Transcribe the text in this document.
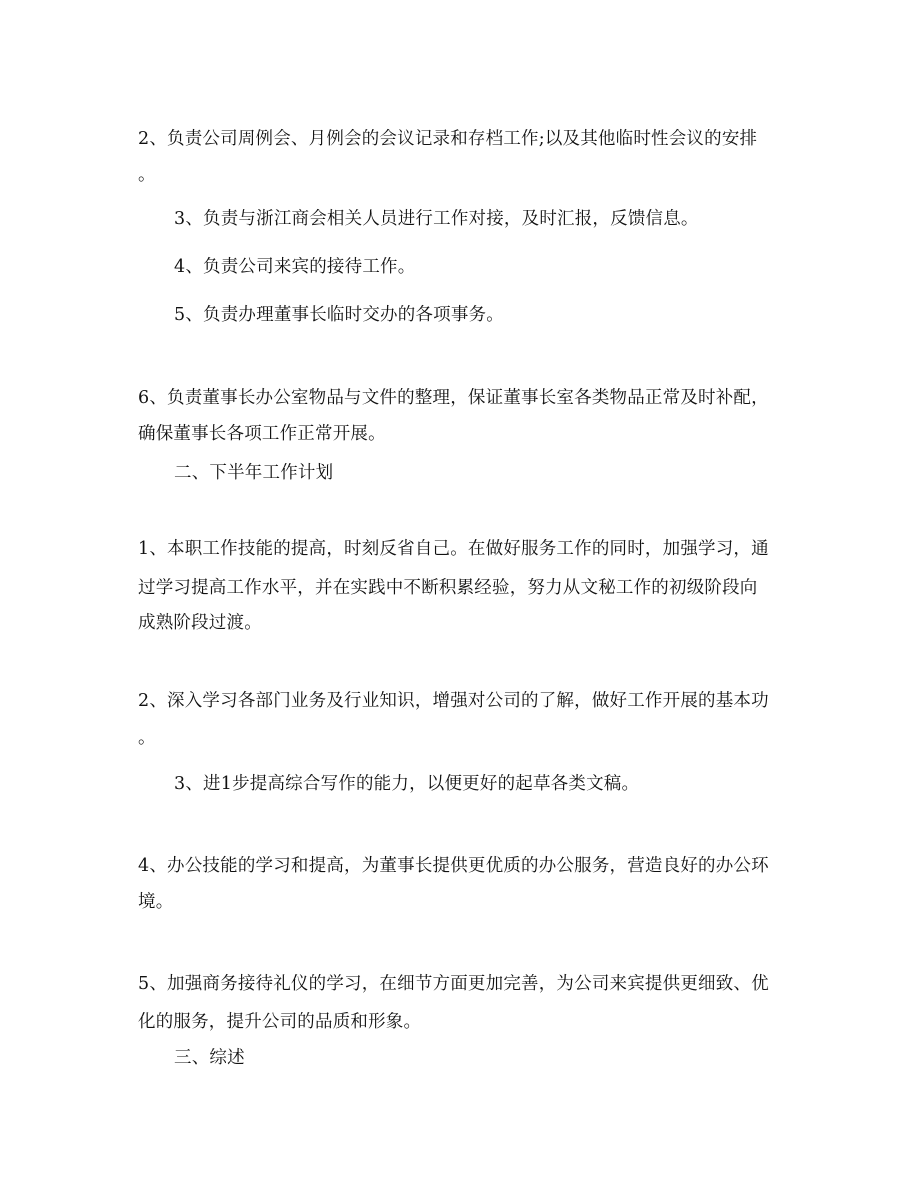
2、负责公司周例会、月例会的会议记录和存档工作;以及其他临时性会议的安排
。
3、负责与浙江商会相关人员进行工作对接，及时汇报，反馈信息。
4、负责公司来宾的接待工作。
5、负责办理董事长临时交办的各项事务。
6、负责董事长办公室物品与文件的整理，保证董事长室各类物品正常及时补配，
确保董事长各项工作正常开展。
二、下半年工作计划
1、本职工作技能的提高，时刻反省自己。在做好服务工作的同时，加强学习，通
过学习提高工作水平，并在实践中不断积累经验，努力从文秘工作的初级阶段向
成熟阶段过渡。
2、深入学习各部门业务及行业知识，增强对公司的了解，做好工作开展的基本功
。
3、进1步提高综合写作的能力，以便更好的起草各类文稿。
4、办公技能的学习和提高，为董事长提供更优质的办公服务，营造良好的办公环
境。
5、加强商务接待礼仪的学习，在细节方面更加完善，为公司来宾提供更细致、优
化的服务，提升公司的品质和形象。
三、综述
